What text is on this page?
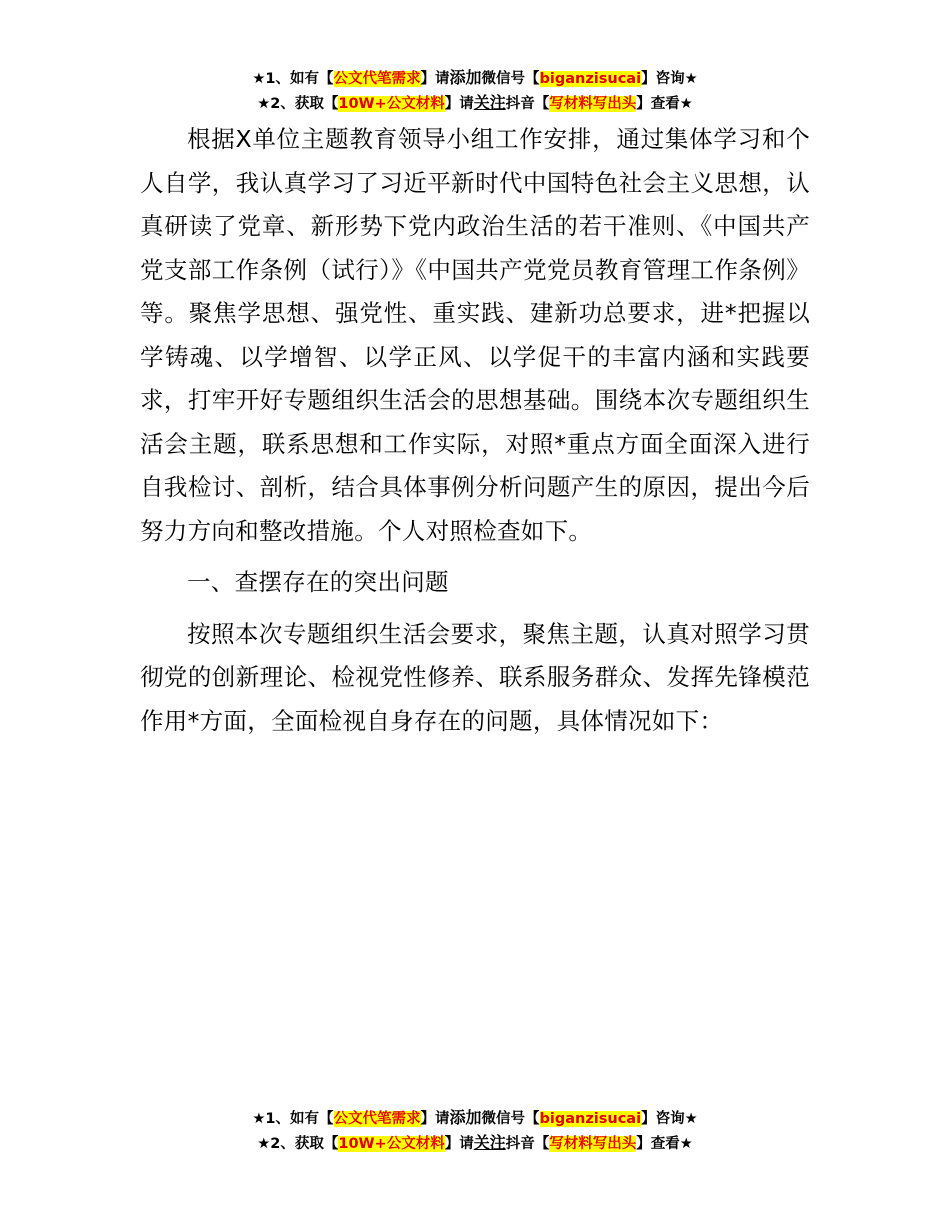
★1、如有【公文代笔需求】请添加微信号【biganzisucai】咨询★
★2、获取【10W+公文材料】请关注抖音【写材料写出头】查看★

根据X单位主题教育领导小组工作安排，通过集体学习和个人自学，我认真学习了习近平新时代中国特色社会主义思想，认真研读了党章、新形势下党内政治生活的若干准则、《中国共产党支部工作条例（试行）》《中国共产党党员教育管理工作条例》等。聚焦学思想、强党性、重实践、建新功总要求，进*把握以学铸魂、以学增智、以学正风、以学促干的丰富内涵和实践要求，打牢开好专题组织生活会的思想基础。围绕本次专题组织生活会主题，联系思想和工作实际，对照*重点方面全面深入进行自我检讨、剖析，结合具体事例分析问题产生的原因，提出今后努力方向和整改措施。个人对照检查如下。

一、查摆存在的突出问题

按照本次专题组织生活会要求，聚焦主题，认真对照学习贯彻党的创新理论、检视党性修养、联系服务群众、发挥先锋模范作用*方面，全面检视自身存在的问题，具体情况如下：

★1、如有【公文代笔需求】请添加微信号【biganzisucai】咨询★
★2、获取【10W+公文材料】请关注抖音【写材料写出头】查看★
